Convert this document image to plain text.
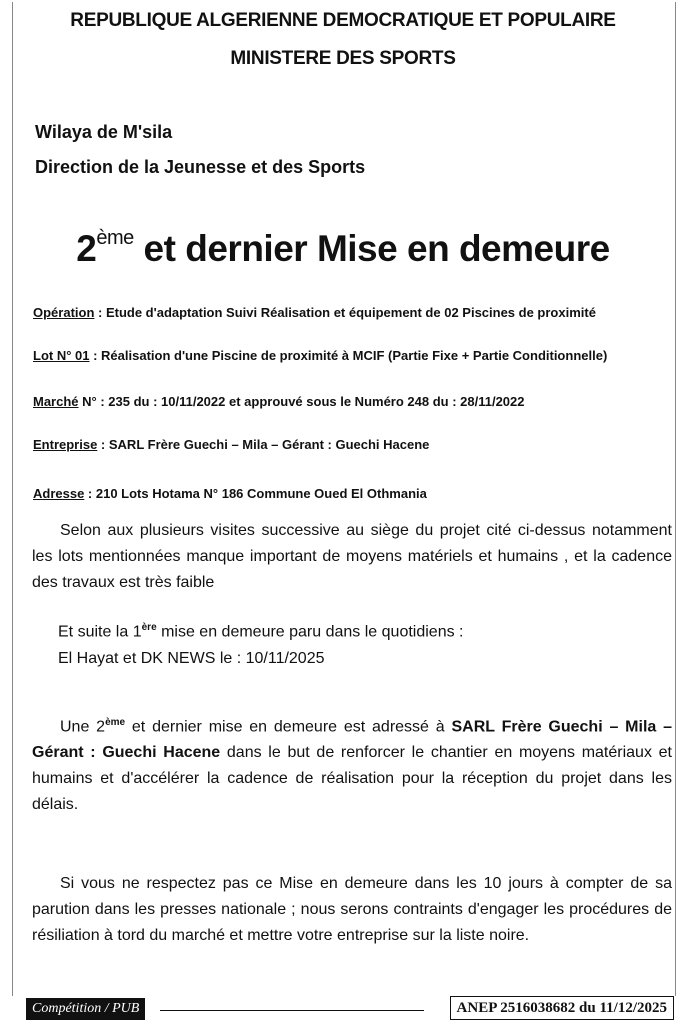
REPUBLIQUE ALGERIENNE DEMOCRATIQUE ET POPULAIRE
MINISTERE DES SPORTS
Wilaya de M'sila
Direction de la Jeunesse et des Sports
2ème et dernier Mise en demeure
Opération : Etude d'adaptation Suivi Réalisation et équipement de 02 Piscines de proximité
Lot N° 01 : Réalisation d'une Piscine de proximité à MCIF (Partie Fixe + Partie Conditionnelle)
Marché N° : 235 du : 10/11/2022 et approuvé sous le Numéro 248 du : 28/11/2022
Entreprise : SARL Frère Guechi – Mila – Gérant : Guechi Hacene
Adresse : 210 Lots Hotama N° 186 Commune Oued El Othmania
Selon aux plusieurs visites successive au siège du projet cité ci-dessus notamment les lots mentionnées manque important de moyens matériels et humains , et la cadence des travaux est très faible
Et suite la 1ère mise en demeure paru dans le quotidiens :
El Hayat et DK NEWS le : 10/11/2025
Une 2ème et dernier mise en demeure est adressé à SARL Frère Guechi – Mila – Gérant : Guechi Hacene dans le but de renforcer le chantier en moyens matériaux et humains et d'accélérer la cadence de réalisation pour la réception du projet dans les délais.
Si vous ne respectez pas ce Mise en demeure dans les 10 jours à compter de sa parution dans les presses nationale ; nous serons contraints d'engager les procédures de résiliation à tord du marché et mettre votre entreprise sur la liste noire.
Compétition / PUB	ANEP 2516038682 du 11/12/2025
